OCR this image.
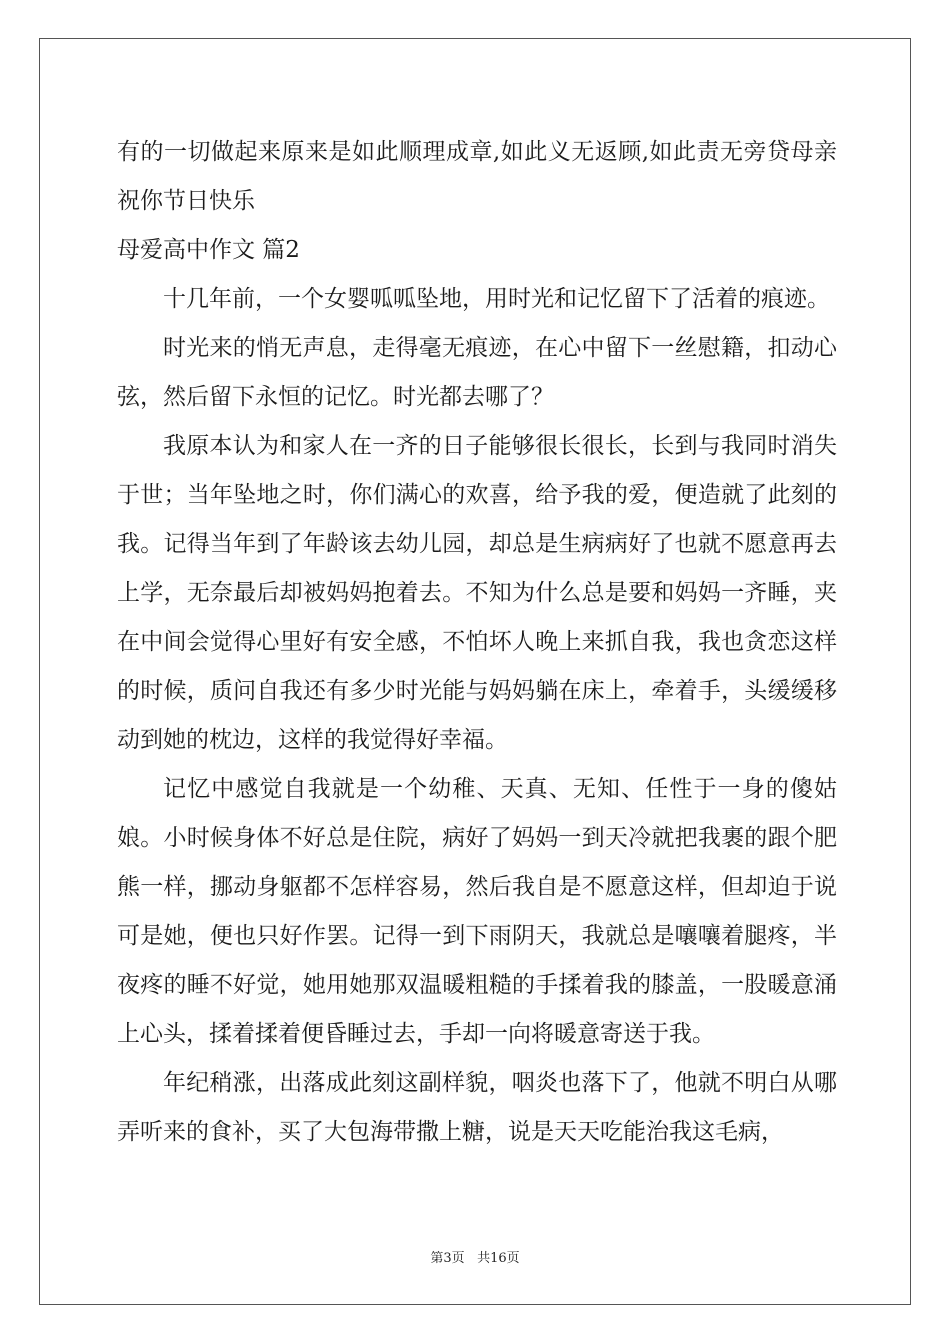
有的一切做起来原来是如此顺理成章,如此义无返顾,如此责无旁贷母亲祝你节日快乐

母爱高中作文 篇2

十几年前，一个女婴呱呱坠地，用时光和记忆留下了活着的痕迹。

时光来的悄无声息，走得毫无痕迹，在心中留下一丝慰籍，扣动心弦，然后留下永恒的记忆。时光都去哪了？

我原本认为和家人在一齐的日子能够很长很长，长到与我同时消失于世；当年坠地之时，你们满心的欢喜，给予我的爱，便造就了此刻的我。记得当年到了年龄该去幼儿园，却总是生病病好了也就不愿意再去上学，无奈最后却被妈妈抱着去。不知为什么总是要和妈妈一齐睡，夹在中间会觉得心里好有安全感，不怕坏人晚上来抓自我，我也贪恋这样的时候，质问自我还有多少时光能与妈妈躺在床上，牵着手，头缓缓移动到她的枕边，这样的我觉得好幸福。

记忆中感觉自我就是一个幼稚、天真、无知、任性于一身的傻姑娘。小时候身体不好总是住院，病好了妈妈一到天冷就把我裹的跟个肥熊一样，挪动身躯都不怎样容易，然后我自是不愿意这样，但却迫于说可是她，便也只好作罢。记得一到下雨阴天，我就总是嚷嚷着腿疼，半夜疼的睡不好觉，她用她那双温暖粗糙的手揉着我的膝盖，一股暖意涌上心头，揉着揉着便昏睡过去，手却一向将暖意寄送于我。

年纪稍涨，出落成此刻这副样貌，咽炎也落下了，他就不明白从哪弄听来的食补，买了大包海带撒上糖，说是天天吃能治我这毛病，

第3页 共16页
